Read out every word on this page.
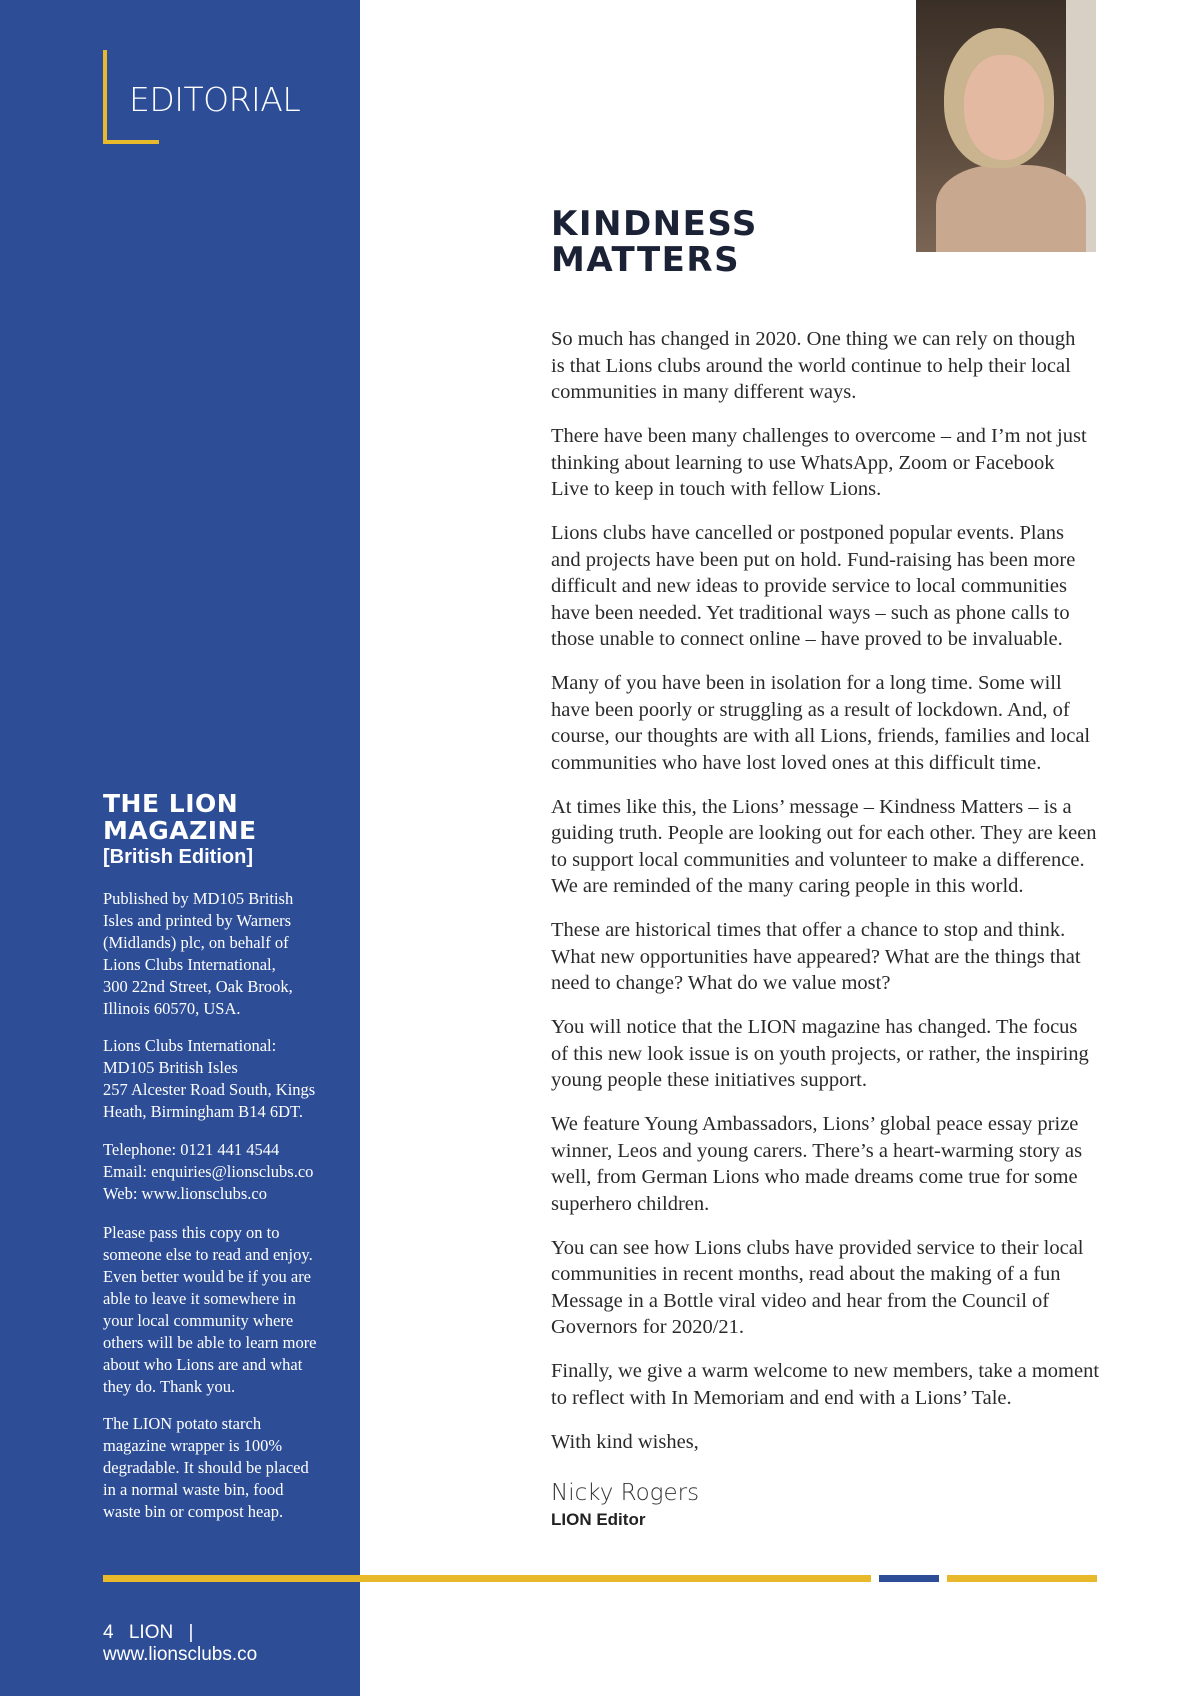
EDITORIAL
THE LION
MAGAZINE
[British Edition]
Published by MD105 British
Isles and printed by Warners
(Midlands) plc, on behalf of
Lions Clubs International,
300 22nd Street, Oak Brook,
Illinois 60570, USA.
Lions Clubs International:
MD105 British Isles
257 Alcester Road South, Kings
Heath, Birmingham B14 6DT.
Telephone: 0121 441 4544
Email: enquiries@lionsclubs.co
Web: www.lionsclubs.co
Please pass this copy on to
someone else to read and enjoy.
Even better would be if you are
able to leave it somewhere in
your local community where
others will be able to learn more
about who Lions are and what
they do. Thank you.
The LION potato starch
magazine wrapper is 100%
degradable. It should be placed
in a normal waste bin, food
waste bin or compost heap.
4 LION | www.lionsclubs.co
KINDNESS
MATTERS

So much has changed in 2020. One thing we can rely on though
is that Lions clubs around the world continue to help their local
communities in many different ways.

There have been many challenges to overcome – and I’m not just
thinking about learning to use WhatsApp, Zoom or Facebook
Live to keep in touch with fellow Lions.

Lions clubs have cancelled or postponed popular events. Plans
and projects have been put on hold. Fund-raising has been more
difficult and new ideas to provide service to local communities
have been needed. Yet traditional ways – such as phone calls to
those unable to connect online – have proved to be invaluable.

Many of you have been in isolation for a long time. Some will
have been poorly or struggling as a result of lockdown. And, of
course, our thoughts are with all Lions, friends, families and local
communities who have lost loved ones at this difficult time.

At times like this, the Lions’ message – Kindness Matters – is a
guiding truth. People are looking out for each other. They are keen
to support local communities and volunteer to make a difference.
We are reminded of the many caring people in this world.

These are historical times that offer a chance to stop and think.
What new opportunities have appeared? What are the things that
need to change? What do we value most?

You will notice that the LION magazine has changed. The focus
of this new look issue is on youth projects, or rather, the inspiring
young people these initiatives support.

We feature Young Ambassadors, Lions’ global peace essay prize
winner, Leos and young carers. There’s a heart-warming story as
well, from German Lions who made dreams come true for some
superhero children.

You can see how Lions clubs have provided service to their local
communities in recent months, read about the making of a fun
Message in a Bottle viral video and hear from the Council of
Governors for 2020/21.

Finally, we give a warm welcome to new members, take a moment
to reflect with In Memoriam and end with a Lions’ Tale.

With kind wishes,

Nicky Rogers
LION Editor
